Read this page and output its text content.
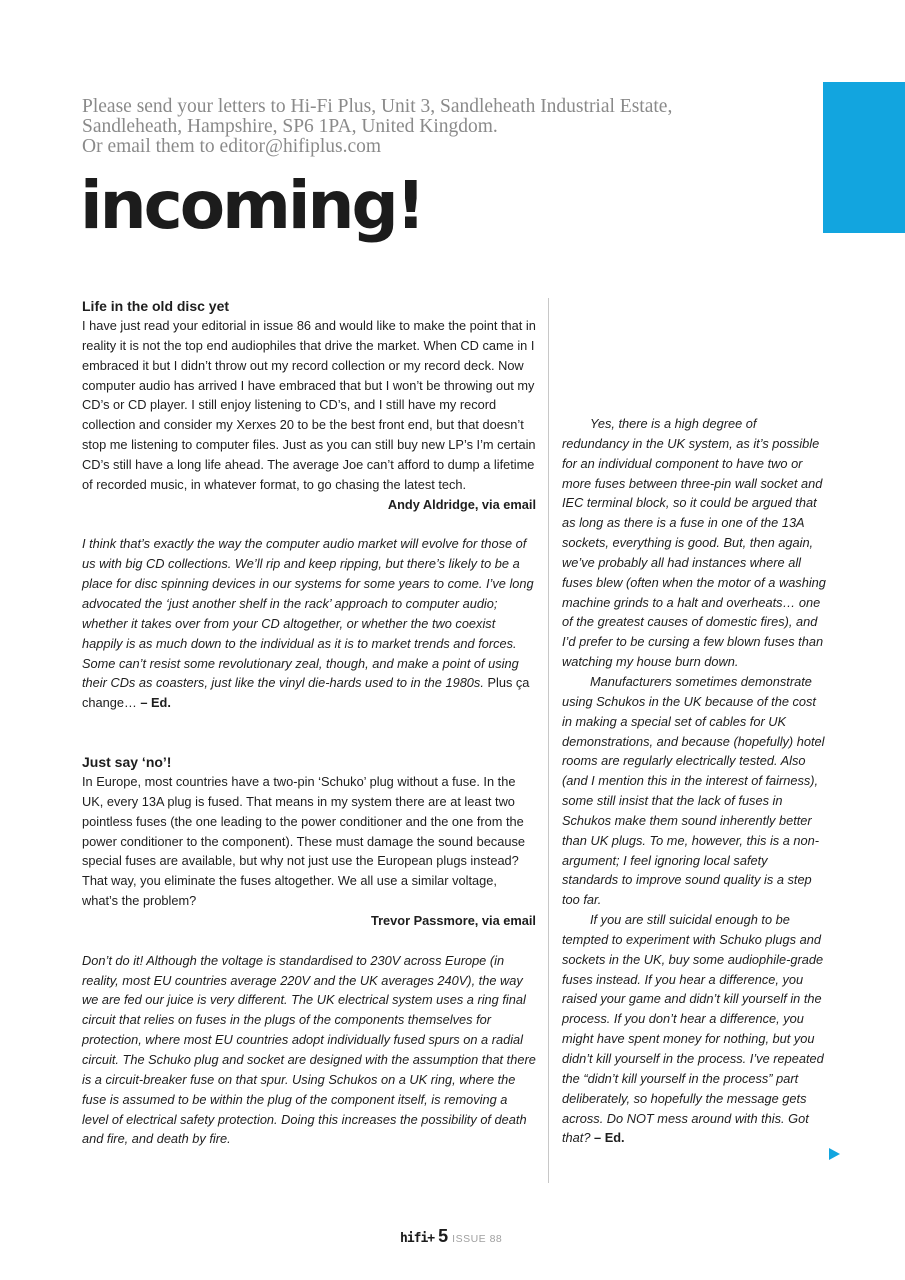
Please send your letters to Hi-Fi Plus, Unit 3, Sandleheath Industrial Estate,
Sandleheath, Hampshire, SP6 1PA, United Kingdom.
Or email them to editor@hifiplus.com
incoming!
Life in the old disc yet

I have just read your editorial in issue 86 and would like to make the point that in reality it is not the top end audiophiles that drive the market. When CD came in I embraced it but I didn’t throw out my record collection or my record deck. Now computer audio has arrived I have embraced that but I won’t be throwing out my CD’s or CD player. I still enjoy listening to CD’s, and I still have my record collection and consider my Xerxes 20 to be the best front end, but that doesn’t stop me listening to computer files. Just as you can still buy new LP’s I’m certain CD’s still have a long life ahead. The average Joe can’t afford to dump a lifetime of recorded music, in whatever format, to go chasing the latest tech.

Andy Aldridge, via email

I think that’s exactly the way the computer audio market will evolve for those of us with big CD collections. We’ll rip and keep ripping, but there’s likely to be a place for disc spinning devices in our systems for some years to come. I’ve long advocated the ‘just another shelf in the rack’ approach to computer audio; whether it takes over from your CD altogether, or whether the two coexist happily is as much down to the individual as it is to market trends and forces. Some can’t resist some revolutionary zeal, though, and make a point of using their CDs as coasters, just like the vinyl die-hards used to in the 1980s. Plus ça change… – Ed.

Just say ‘no’!

In Europe, most countries have a two-pin ‘Schuko’ plug without a fuse. In the UK, every 13A plug is fused. That means in my system there are at least two pointless fuses (the one leading to the power conditioner and the one from the power conditioner to the component). These must damage the sound because special fuses are available, but why not just use the European plugs instead? That way, you eliminate the fuses altogether. We all use a similar voltage, what’s the problem?

Trevor Passmore, via email

Don’t do it! Although the voltage is standardised to 230V across Europe (in reality, most EU countries average 220V and the UK averages 240V), the way we are fed our juice is very different. The UK electrical system uses a ring final circuit that relies on fuses in the plugs of the components themselves for protection, where most EU countries adopt individually fused spurs on a radial circuit. The Schuko plug and socket are designed with the assumption that there is a circuit-breaker fuse on that spur. Using Schukos on a UK ring, where the fuse is assumed to be within the plug of the component itself, is removing a level of electrical safety protection. Doing this increases the possibility of death and fire, and death by fire.

Yes, there is a high degree of redundancy in the UK system, as it’s possible for an individual component to have two or more fuses between three-pin wall socket and IEC terminal block, so it could be argued that as long as there is a fuse in one of the 13A sockets, everything is good. But, then again, we’ve probably all had instances where all fuses blew (often when the motor of a washing machine grinds to a halt and overheats… one of the greatest causes of domestic fires), and I’d prefer to be cursing a few blown fuses than watching my house burn down.

Manufacturers sometimes demonstrate using Schukos in the UK because of the cost in making a special set of cables for UK demonstrations, and because (hopefully) hotel rooms are regularly electrically tested. Also (and I mention this in the interest of fairness), some still insist that the lack of fuses in Schukos make them sound inherently better than UK plugs. To me, however, this is a non-argument; I feel ignoring local safety standards to improve sound quality is a step too far.

If you are still suicidal enough to be tempted to experiment with Schuko plugs and sockets in the UK, buy some audiophile-grade fuses instead. If you hear a difference, you raised your game and didn’t kill yourself in the process. If you don’t hear a difference, you might have spent money for nothing, but you didn’t kill yourself in the process. I’ve repeated the “didn’t kill yourself in the process” part deliberately, so hopefully the message gets across. Do NOT mess around with this. Got that? – Ed.

hifi+ 5 ISSUE 88
